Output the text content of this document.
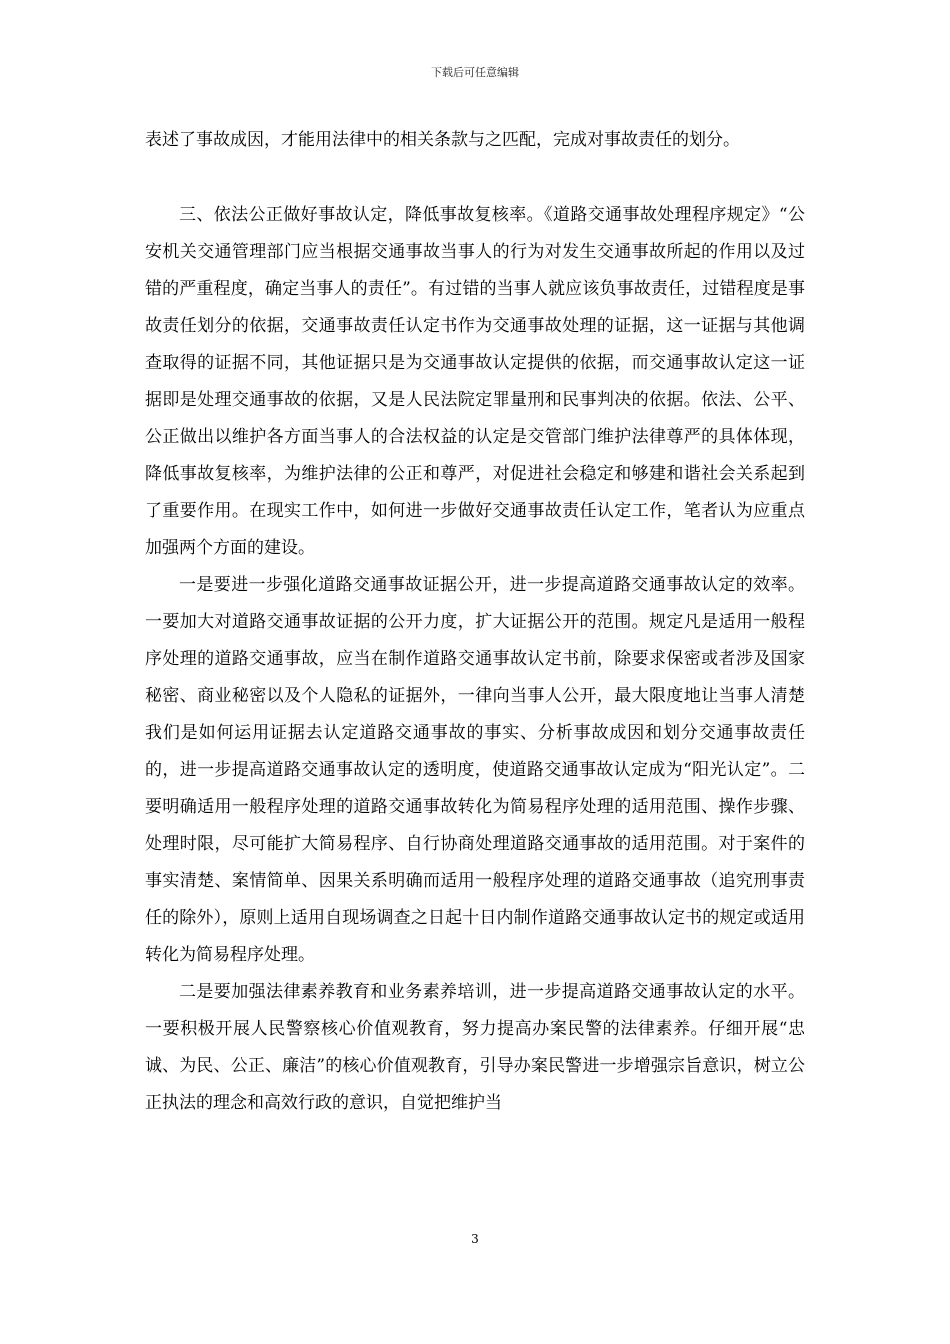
下载后可任意编辑

表述了事故成因，才能用法律中的相关条款与之匹配，完成对事故责任的划分。

三、依法公正做好事故认定，降低事故复核率。《道路交通事故处理程序规定》“公安机关交通管理部门应当根据交通事故当事人的行为对发生交通事故所起的作用以及过错的严重程度，确定当事人的责任”。有过错的当事人就应该负事故责任，过错程度是事故责任划分的依据，交通事故责任认定书作为交通事故处理的证据，这一证据与其他调查取得的证据不同，其他证据只是为交通事故认定提供的依据，而交通事故认定这一证据即是处理交通事故的依据，又是人民法院定罪量刑和民事判决的依据。依法、公平、公正做出以维护各方面当事人的合法权益的认定是交管部门维护法律尊严的具体体现，降低事故复核率，为维护法律的公正和尊严，对促进社会稳定和够建和谐社会关系起到了重要作用。在现实工作中，如何进一步做好交通事故责任认定工作，笔者认为应重点加强两个方面的建设。

一是要进一步强化道路交通事故证据公开，进一步提高道路交通事故认定的效率。一要加大对道路交通事故证据的公开力度，扩大证据公开的范围。规定凡是适用一般程序处理的道路交通事故，应当在制作道路交通事故认定书前，除要求保密或者涉及国家秘密、商业秘密以及个人隐私的证据外，一律向当事人公开，最大限度地让当事人清楚我们是如何运用证据去认定道路交通事故的事实、分析事故成因和划分交通事故责任的，进一步提高道路交通事故认定的透明度，使道路交通事故认定成为“阳光认定”。二要明确适用一般程序处理的道路交通事故转化为简易程序处理的适用范围、操作步骤、处理时限，尽可能扩大简易程序、自行协商处理道路交通事故的适用范围。对于案件的事实清楚、案情简单、因果关系明确而适用一般程序处理的道路交通事故（追究刑事责任的除外），原则上适用自现场调查之日起十日内制作道路交通事故认定书的规定或适用转化为简易程序处理。

二是要加强法律素养教育和业务素养培训，进一步提高道路交通事故认定的水平。一要积极开展人民警察核心价值观教育，努力提高办案民警的法律素养。仔细开展“忠诚、为民、公正、廉洁”的核心价值观教育，引导办案民警进一步增强宗旨意识，树立公正执法的理念和高效行政的意识，自觉把维护当

3
